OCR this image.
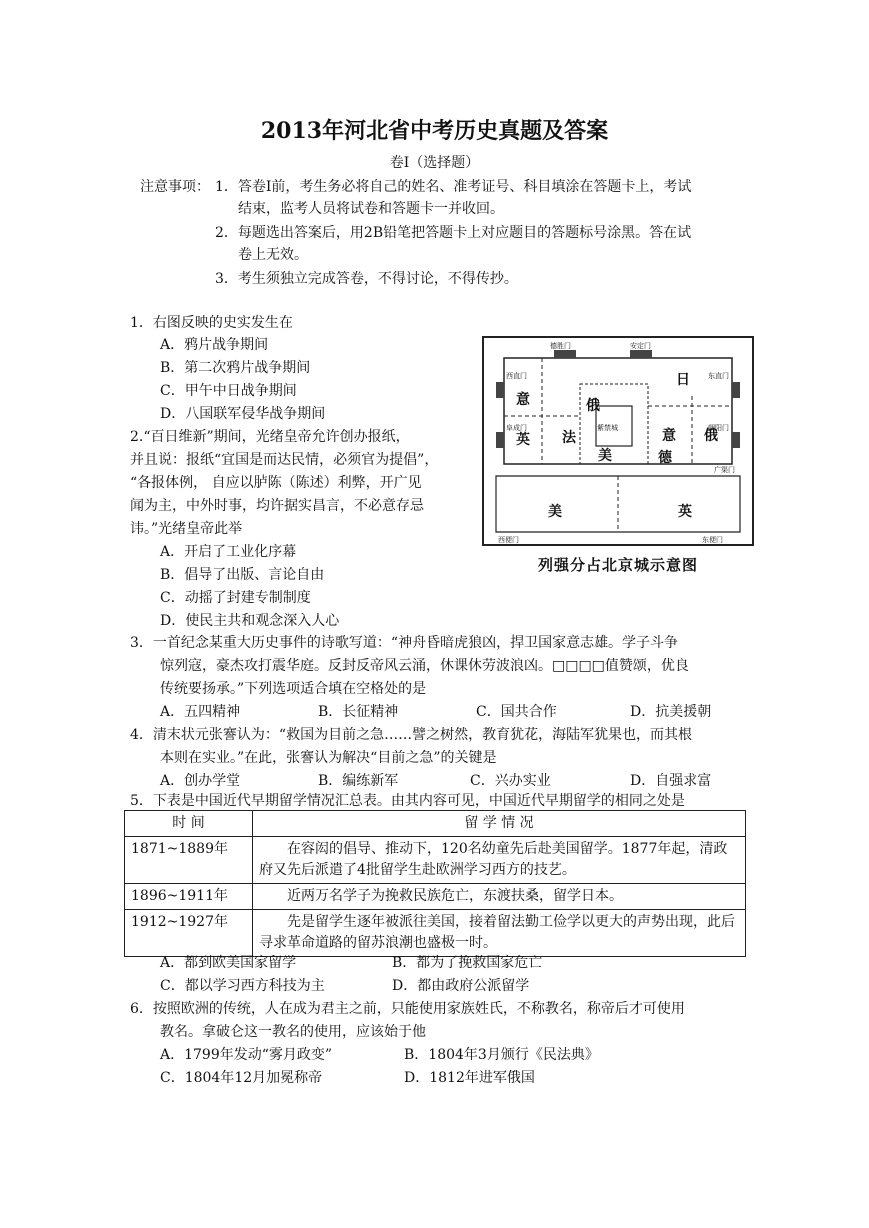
2013年河北省中考历史真题及答案
卷Ⅰ（选择题）
注意事项： 1．答卷Ⅰ前，考生务必将自己的姓名、准考证号、科目填涂在答题卡上，考试
结束，监考人员将试卷和答题卡一并收回。
2．每题选出答案后，用2B铅笔把答题卡上对应题目的答题标号涂黑。答在试
卷上无效。
3．考生须独立完成答卷，不得讨论，不得传抄。
1．右图反映的史实发生在
A．鸦片战争期间
B．第二次鸦片战争期间
C．甲午中日战争期间
D．八国联军侵华战争期间
2.“百日维新”期间，光绪皇帝允许创办报纸，
并且说：报纸“宜国是而达民情，必须官为提倡”，
“各报体例， 自应以胪陈（陈述）利弊，开广见
闻为主，中外时事，均许据实昌言，不必意存忌
讳。”光绪皇帝此举
A．开启了工业化序幕
B．倡导了出版、言论自由
C．动摇了封建专制制度
D．使民主共和观念深入人心
德胜门	安定门
西直门	东直门
阜成门	朝阳门
西便门	东便门
广渠门
日
意	俄
英 法	意 俄
美	德
美	英
紫禁城
列强分占北京城示意图
3．一首纪念某重大历史事件的诗歌写道：“神舟昏暗虎狼凶，捍卫国家意志雄。学子斗争
惊列寇，豪杰攻打震华庭。反封反帝风云涌，休课休劳波浪凶。□□□□值赞颂，优良
传统要扬承。”下列选项适合填在空格处的是
A．五四精神	B．长征精神	C．国共合作	D．抗美援朝
4．清末状元张謇认为：“救国为目前之急……譬之树然，教育犹花，海陆军犹果也，而其根
本则在实业。”在此，张謇认为解决“目前之急”的关键是
A．创办学堂	B．编练新军	C．兴办实业	D．自强求富
5．下表是中国近代早期留学情况汇总表。由其内容可见，中国近代早期留学的相同之处是
时 间	留 学 情 况
1871~1889年	在容闳的倡导、推动下，120名幼童先后赴美国留学。1877年起，清政府又先后派遣了4批留学生赴欧洲学习西方的技艺。
1896~1911年	近两万名学子为挽救民族危亡，东渡扶桑，留学日本。
1912~1927年	先是留学生逐年被派往美国，接着留法勤工俭学以更大的声势出现，此后寻求革命道路的留苏浪潮也盛极一时。
A．都到欧美国家留学	B．都为了挽救国家危亡
C．都以学习西方科技为主	D．都由政府公派留学
6．按照欧洲的传统，人在成为君主之前，只能使用家族姓氏，不称教名，称帝后才可使用
教名。拿破仑这一教名的使用，应该始于他
A．1799年发动“雾月政变”	B．1804年3月颁行《民法典》
C．1804年12月加冕称帝	D．1812年进军俄国
